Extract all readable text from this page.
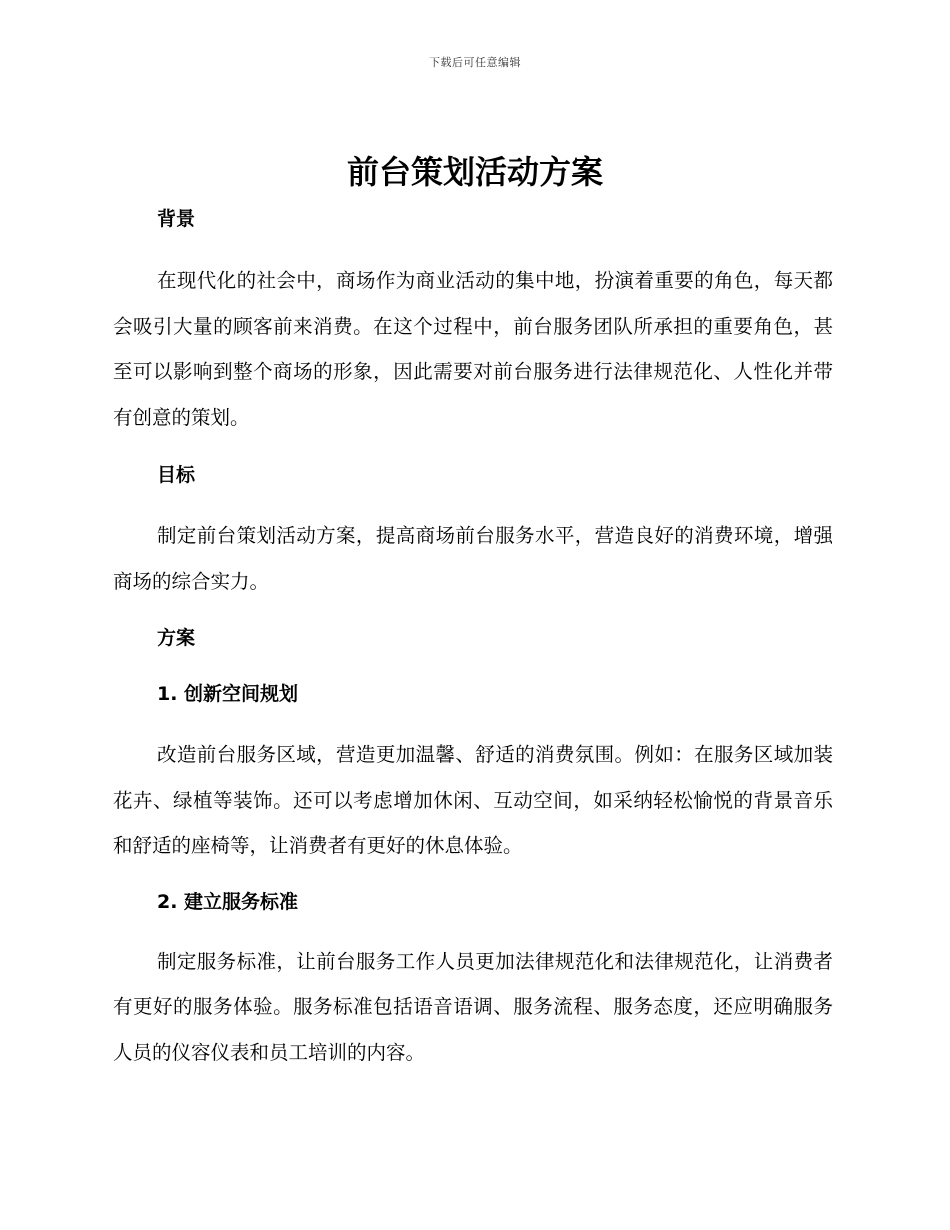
下载后可任意编辑
前台策划活动方案
背景

在现代化的社会中，商场作为商业活动的集中地，扮演着重要的角色，每天都会吸引大量的顾客前来消费。在这个过程中，前台服务团队所承担的重要角色，甚至可以影响到整个商场的形象，因此需要对前台服务进行法律规范化、人性化并带有创意的策划。

目标

制定前台策划活动方案，提高商场前台服务水平，营造良好的消费环境，增强商场的综合实力。

方案
1. 创新空间规划

改造前台服务区域，营造更加温馨、舒适的消费氛围。例如：在服务区域加装花卉、绿植等装饰。还可以考虑增加休闲、互动空间，如采纳轻松愉悦的背景音乐和舒适的座椅等，让消费者有更好的休息体验。

2. 建立服务标准

制定服务标准，让前台服务工作人员更加法律规范化和法律规范化，让消费者有更好的服务体验。服务标准包括语音语调、服务流程、服务态度，还应明确服务人员的仪容仪表和员工培训的内容。
